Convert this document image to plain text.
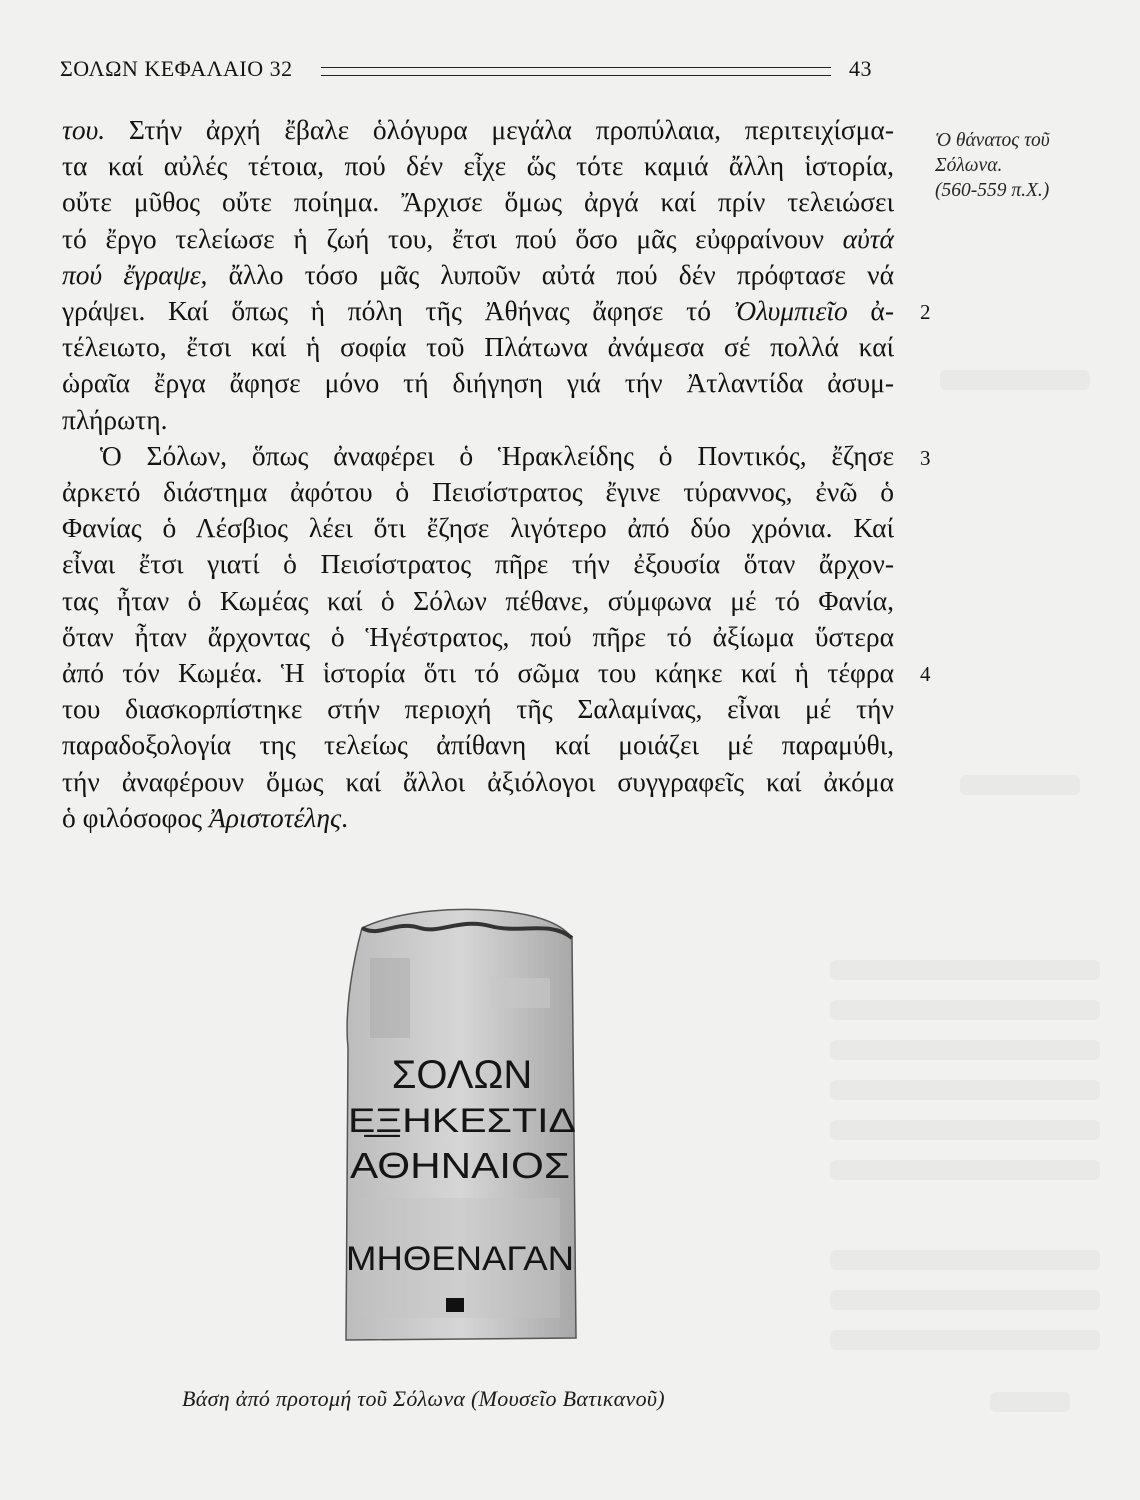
ΣΟΛΩΝ ΚΕΦΑΛΑΙΟ 32	43
του. Στήν ἀρχή ἔβαλε ὁλόγυρα μεγάλα προπύλαια, περιτειχίσμα-
τα καί αὐλές τέτοια, πού δέν εἶχε ὥς τότε καμιά ἄλλη ἱστορία,
οὔτε μῦθος οὔτε ποίημα. Ἄρχισε ὅμως ἀργά καί πρίν τελειώσει
τό ἔργο τελείωσε ἡ ζωή του, ἔτσι πού ὅσο μᾶς εὐφραίνουν αὐτά
πού ἔγραψε, ἄλλο τόσο μᾶς λυποῦν αὐτά πού δέν πρόφτασε νά
γράψει. Καί ὅπως ἡ πόλη τῆς Ἀθήνας ἄφησε τό Ὀλυμπιεῖο ἀ-
τέλειωτο, ἔτσι καί ἡ σοφία τοῦ Πλάτωνα ἀνάμεσα σέ πολλά καί
ὡραῖα ἔργα ἄφησε μόνο τή διήγηση γιά τήν Ἀτλαντίδα ἀσυμ-
πλήρωτη.
Ὁ Σόλων, ὅπως ἀναφέρει ὁ Ἡρακλείδης ὁ Ποντικός, ἔζησε
ἀρκετό διάστημα ἀφότου ὁ Πεισίστρατος ἔγινε τύραννος, ἐνῶ ὁ
Φανίας ὁ Λέσβιος λέει ὅτι ἔζησε λιγότερο ἀπό δύο χρόνια. Καί
εἶναι ἔτσι γιατί ὁ Πεισίστρατος πῆρε τήν ἐξουσία ὅταν ἄρχον-
τας ἦταν ὁ Κωμέας καί ὁ Σόλων πέθανε, σύμφωνα μέ τό Φανία,
ὅταν ἦταν ἄρχοντας ὁ Ἡγέστρατος, πού πῆρε τό ἀξίωμα ὕστερα
ἀπό τόν Κωμέα. Ἡ ἱστορία ὅτι τό σῶμα του κάηκε καί ἡ τέφρα
του διασκορπίστηκε στήν περιοχή τῆς Σαλαμίνας, εἶναι μέ τήν
παραδοξολογία της τελείως ἀπίθανη καί μοιάζει μέ παραμύθι,
τήν ἀναφέρουν ὅμως καί ἄλλοι ἀξιόλογοι συγγραφεῖς καί ἀκόμα
ὁ φιλόσοφος Ἀριστοτέλης.
2
3
4
Ὁ θάνατος τοῦ
Σόλωνα.
(560-559 π.Χ.)
ΣΟΛΩΝ
Ε͟ΞΗΚΕΣΤΙΔ
ΑΘΗΝΑΙΟΣ
ΜΗΘΕΝΑΓΑΝ
Βάση ἀπό προτομή τοῦ Σόλωνα (Μουσεῖο Βατικανοῦ)
